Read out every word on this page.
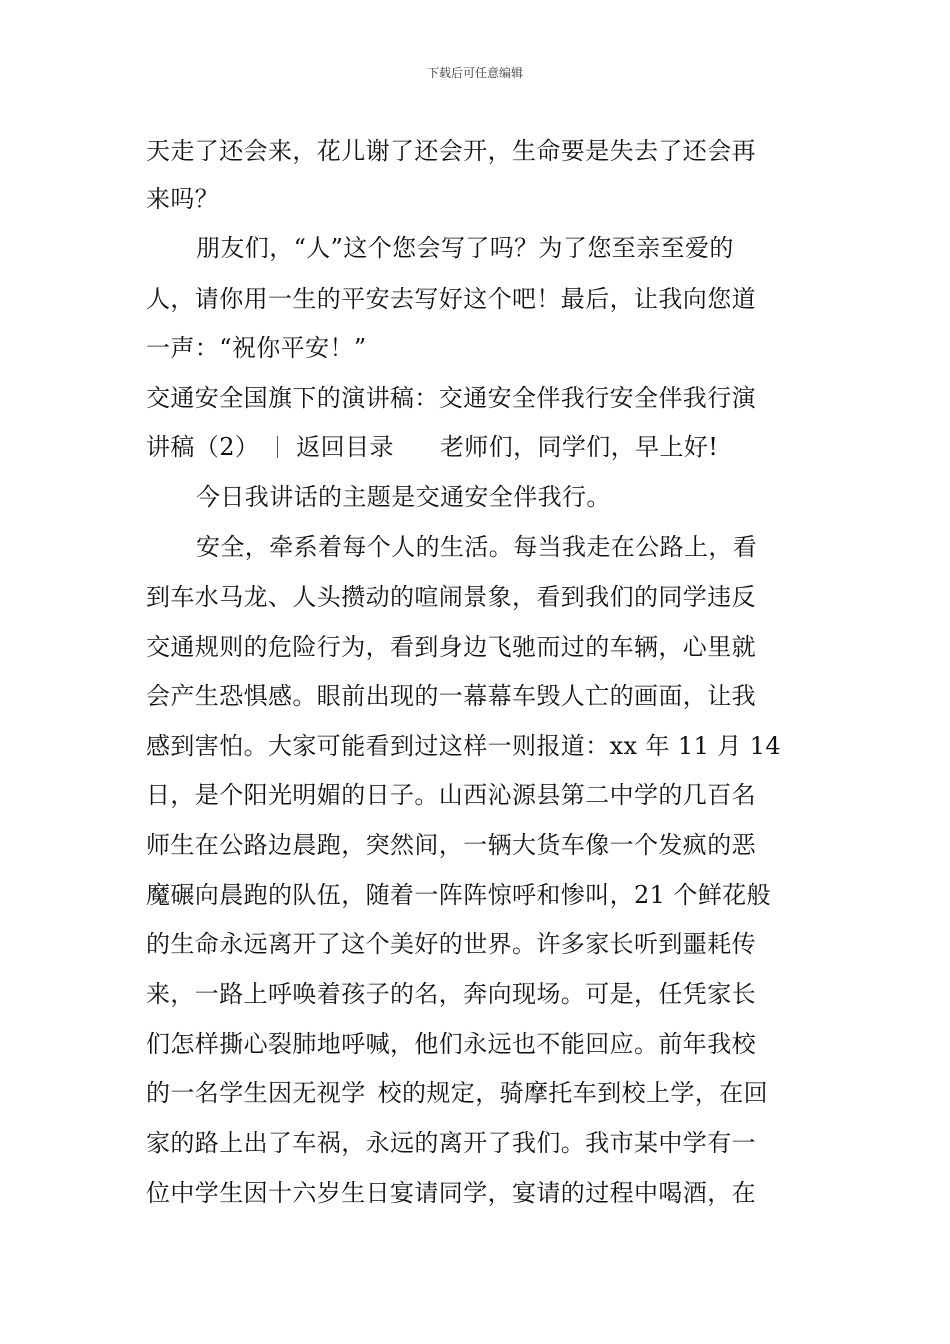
下载后可任意编辑
天走了还会来，花儿谢了还会开，生命要是失去了还会再
来吗？
朋友们，“人”这个您会写了吗？为了您至亲至爱的
人，请你用一生的平安去写好这个吧！最后，让我向您道
一声：“祝你平安！”
交通安全国旗下的演讲稿：交通安全伴我行安全伴我行演
讲稿（2） 返回目录 老师们，同学们，早上好!
今日我讲话的主题是交通安全伴我行。
安全，牵系着每个人的生活。每当我走在公路上，看
到车水马龙、人头攒动的喧闹景象，看到我们的同学违反
交通规则的危险行为，看到身边飞驰而过的车辆，心里就
会产生恐惧感。眼前出现的一幕幕车毁人亡的画面，让我
感到害怕。大家可能看到过这样一则报道：xx 年 11 月 14
日，是个阳光明媚的日子。山西沁源县第二中学的几百名
师生在公路边晨跑，突然间，一辆大货车像一个发疯的恶
魔碾向晨跑的队伍，随着一阵阵惊呼和惨叫，21 个鲜花般
的生命永远离开了这个美好的世界。许多家长听到噩耗传
来，一路上呼唤着孩子的名，奔向现场。可是，任凭家长
们怎样撕心裂肺地呼喊，他们永远也不能回应。前年我校
的一名学生因无视学 校的规定，骑摩托车到校上学，在回
家的路上出了车祸，永远的离开了我们。我市某中学有一
位中学生因十六岁生日宴请同学，宴请的过程中喝酒，在
